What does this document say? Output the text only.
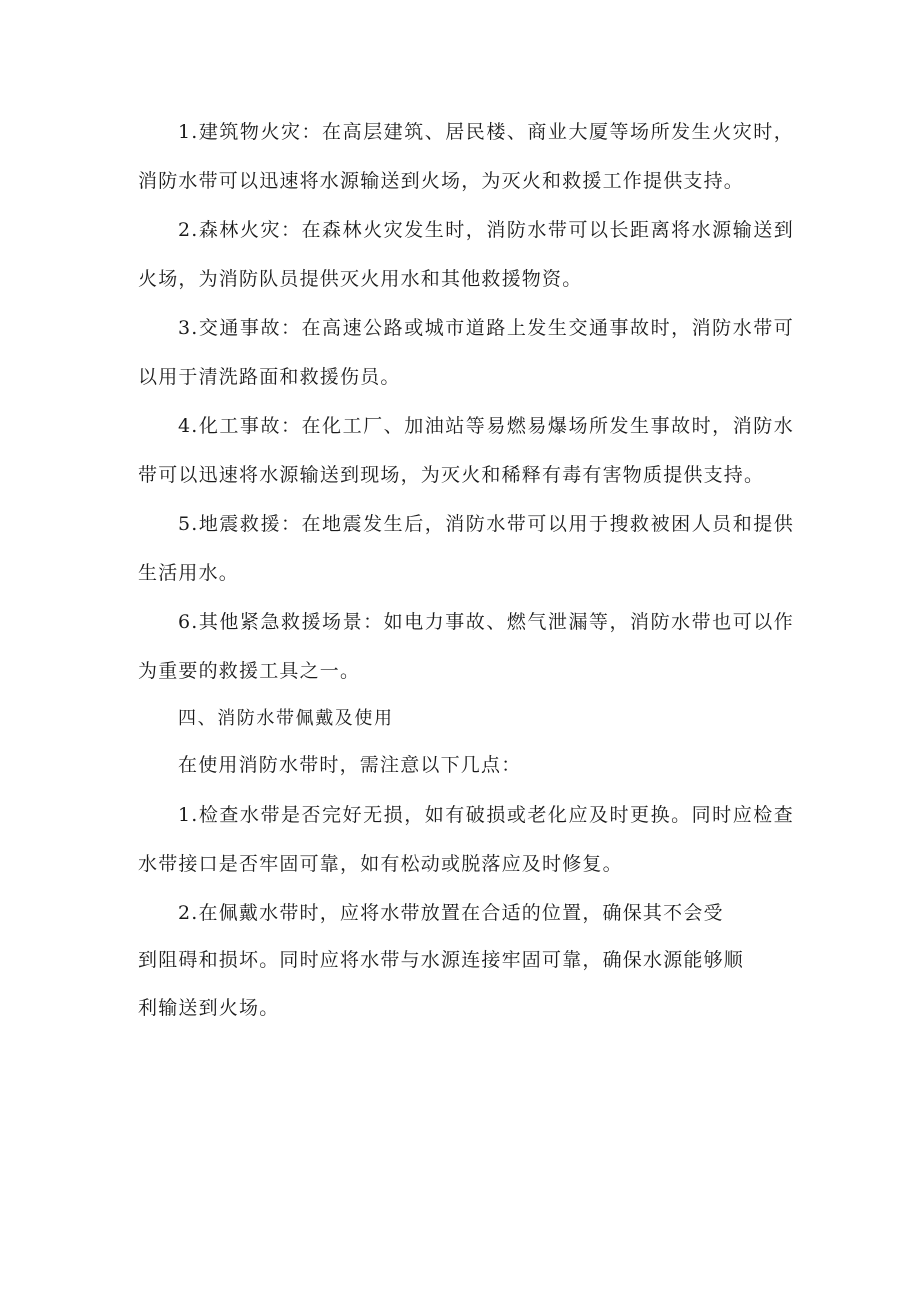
1.建筑物火灾：在高层建筑、居民楼、商业大厦等场所发生火灾时，消防水带可以迅速将水源输送到火场，为灭火和救援工作提供支持。

2.森林火灾：在森林火灾发生时，消防水带可以长距离将水源输送到火场，为消防队员提供灭火用水和其他救援物资。

3.交通事故：在高速公路或城市道路上发生交通事故时，消防水带可以用于清洗路面和救援伤员。

4.化工事故：在化工厂、加油站等易燃易爆场所发生事故时，消防水带可以迅速将水源输送到现场，为灭火和稀释有毒有害物质提供支持。

5.地震救援：在地震发生后，消防水带可以用于搜救被困人员和提供生活用水。

6.其他紧急救援场景：如电力事故、燃气泄漏等，消防水带也可以作为重要的救援工具之一。

四、消防水带佩戴及使用

在使用消防水带时，需注意以下几点：

1.检查水带是否完好无损，如有破损或老化应及时更换。同时应检查水带接口是否牢固可靠，如有松动或脱落应及时修复。

2.在佩戴水带时，应将水带放置在合适的位置，确保其不会受

到阻碍和损坏。同时应将水带与水源连接牢固可靠，确保水源能够顺

利输送到火场。
